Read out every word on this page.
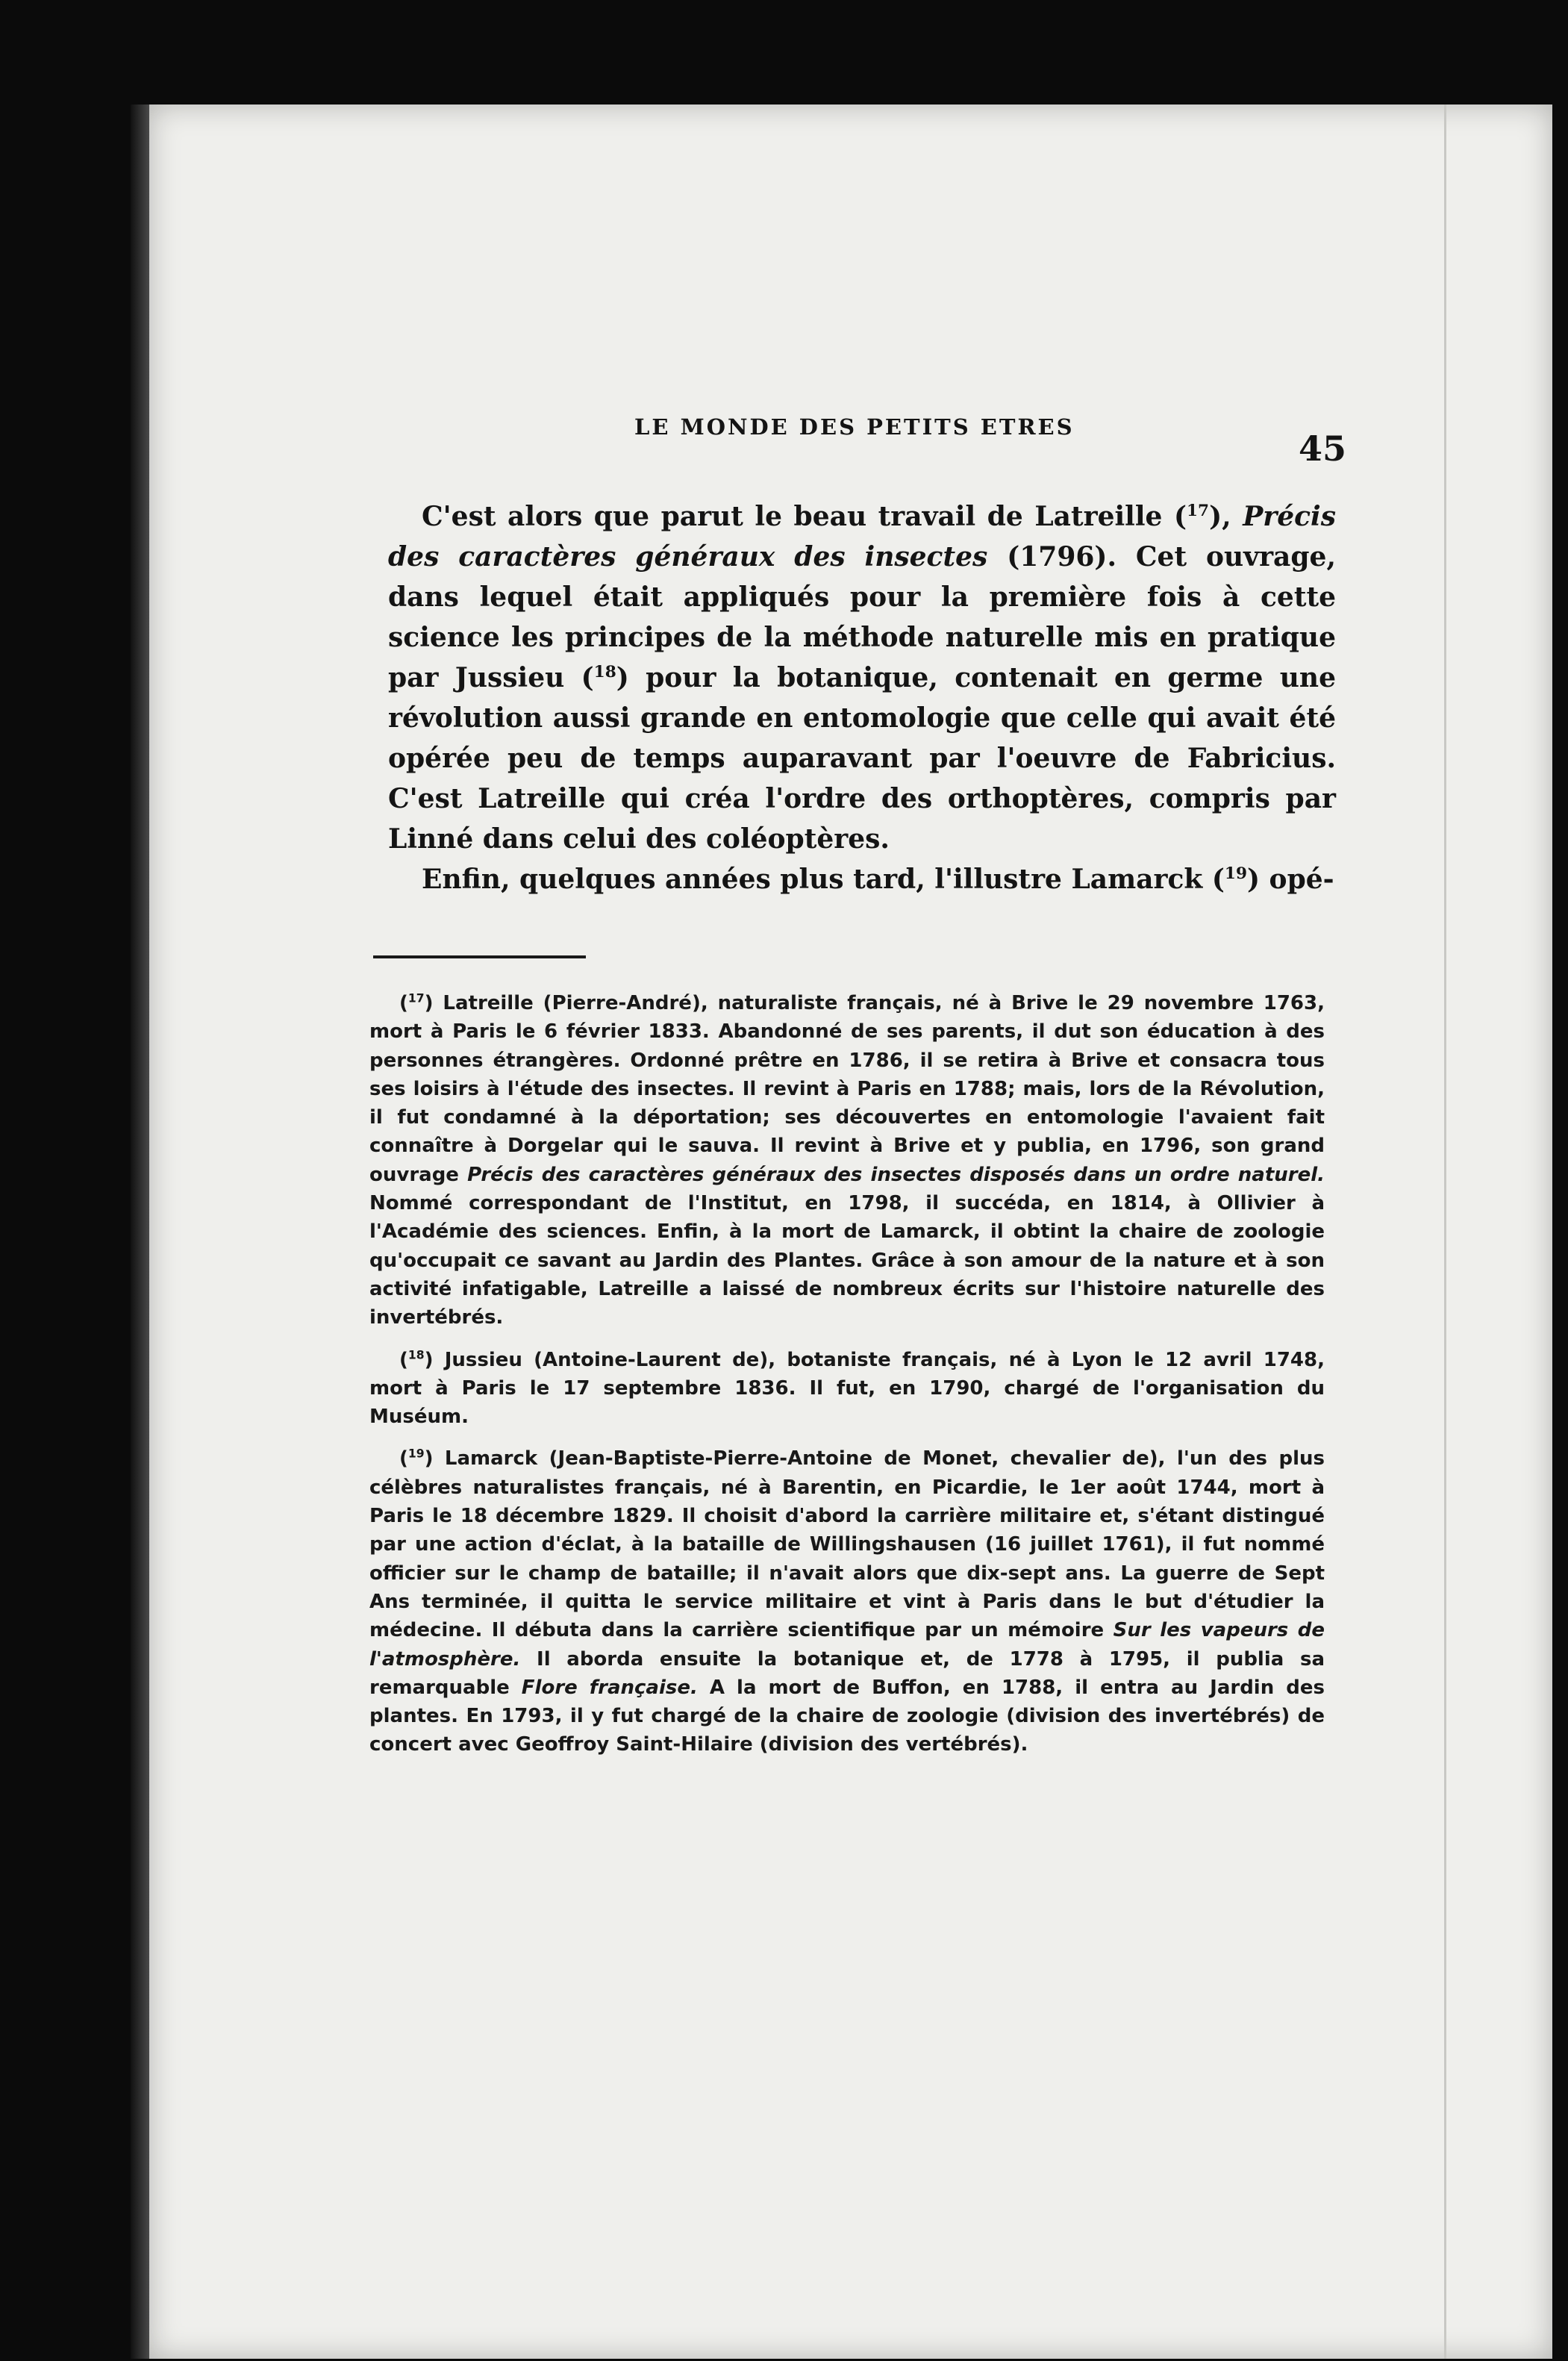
LE MONDE DES PETITS ETRES
45

C'est alors que parut le beau travail de Latreille ($^{17}$), Précis des caractères généraux des insectes (1796). Cet ouvrage, dans lequel était appliqués pour la première fois à cette science les principes de la méthode naturelle mis en pratique par Jussieu ($^{18}$) pour la botanique, contenait en germe une révolution aussi grande en entomologie que celle qui avait été opérée peu de temps auparavant par l'oeuvre de Fabricius. C'est Latreille qui créa l'ordre des orthoptères, compris par Linné dans celui des coléoptères.

Enfin, quelques années plus tard, l'illustre Lamarck ($^{19}$) opé-

($^{17}$) Latreille (Pierre-André), naturaliste français, né à Brive le 29 novembre 1763, mort à Paris le 6 février 1833. Abandonné de ses parents, il dut son éducation à des personnes étrangères. Ordonné prêtre en 1786, il se retira à Brive et consacra tous ses loisirs à l'étude des insectes. Il revint à Paris en 1788; mais, lors de la Révolution, il fut condamné à la déportation; ses découvertes en entomologie l'avaient fait connaître à Dorgelar qui le sauva. Il revint à Brive et y publia, en 1796, son grand ouvrage Précis des caractères généraux des insectes disposés dans un ordre naturel. Nommé correspondant de l'Institut, en 1798, il succéda, en 1814, à Ollivier à l'Académie des sciences. Enfin, à la mort de Lamarck, il obtint la chaire de zoologie qu'occupait ce savant au Jardin des Plantes. Grâce à son amour de la nature et à son activité infatigable, Latreille a laissé de nombreux écrits sur l'histoire naturelle des invertébrés.

($^{18}$) Jussieu (Antoine-Laurent de), botaniste français, né à Lyon le 12 avril 1748, mort à Paris le 17 septembre 1836. Il fut, en 1790, chargé de l'organisation du Muséum.

($^{19}$) Lamarck (Jean-Baptiste-Pierre-Antoine de Monet, chevalier de), l'un des plus célèbres naturalistes français, né à Barentin, en Picardie, le 1er août 1744, mort à Paris le 18 décembre 1829. Il choisit d'abord la carrière militaire et, s'étant distingué par une action d'éclat, à la bataille de Willingshausen (16 juillet 1761), il fut nommé officier sur le champ de bataille; il n'avait alors que dix-sept ans. La guerre de Sept Ans terminée, il quitta le service militaire et vint à Paris dans le but d'étudier la médecine. Il débuta dans la carrière scientifique par un mémoire Sur les vapeurs de l'atmosphère. Il aborda ensuite la botanique et, de 1778 à 1795, il publia sa remarquable Flore française. A la mort de Buffon, en 1788, il entra au Jardin des plantes. En 1793, il y fut chargé de la chaire de zoologie (division des invertébrés) de concert avec Geoffroy Saint-Hilaire (division des vertébrés).
